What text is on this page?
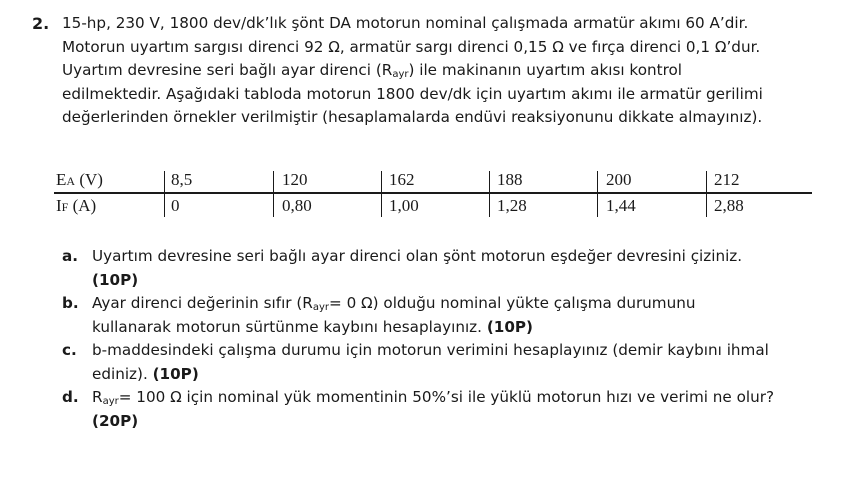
2. 15-hp, 230 V, 1800 dev/dk’lık şönt DA motorun nominal çalışmada armatür akımı 60 A’dir.
Motorun uyartım sargısı direnci 92 Ω, armatür sargı direnci 0,15 Ω ve fırça direnci 0,1 Ω’dur.
Uyartım devresine seri bağlı ayar direnci $(R_{ayr})$ ile makinanın uyartım akısı kontrol
edilmektedir. Aşağıdaki tabloda motorun 1800 dev/dk için uyartım akımı ile armatür gerilimi
değerlerinden örnekler verilmiştir (hesaplamalarda endüvi reaksiyonunu dikkate almayınız).
EA (V)	8,5	120	162	188	200	212
IF (A)	0	0,80	1,00	1,28	1,44	2,88
a. Uyartım devresine seri bağlı ayar direnci olan şönt motorun eşdeğer devresini çiziniz.
(10P)
b. Ayar direnci değerinin sıfır ($R_{ayr}= 0$ Ω) olduğu nominal yükte çalışma durumunu
kullanarak motorun sürtünme kaybını hesaplayınız. (10P)
c. b-maddesindeki çalışma durumu için motorun verimini hesaplayınız (demir kaybını ihmal
ediniz). (10P)
d. $R_{ayr}= 100$ Ω için nominal yük momentinin 50%’si ile yüklü motorun hızı ve verimi ne olur?
(20P)
